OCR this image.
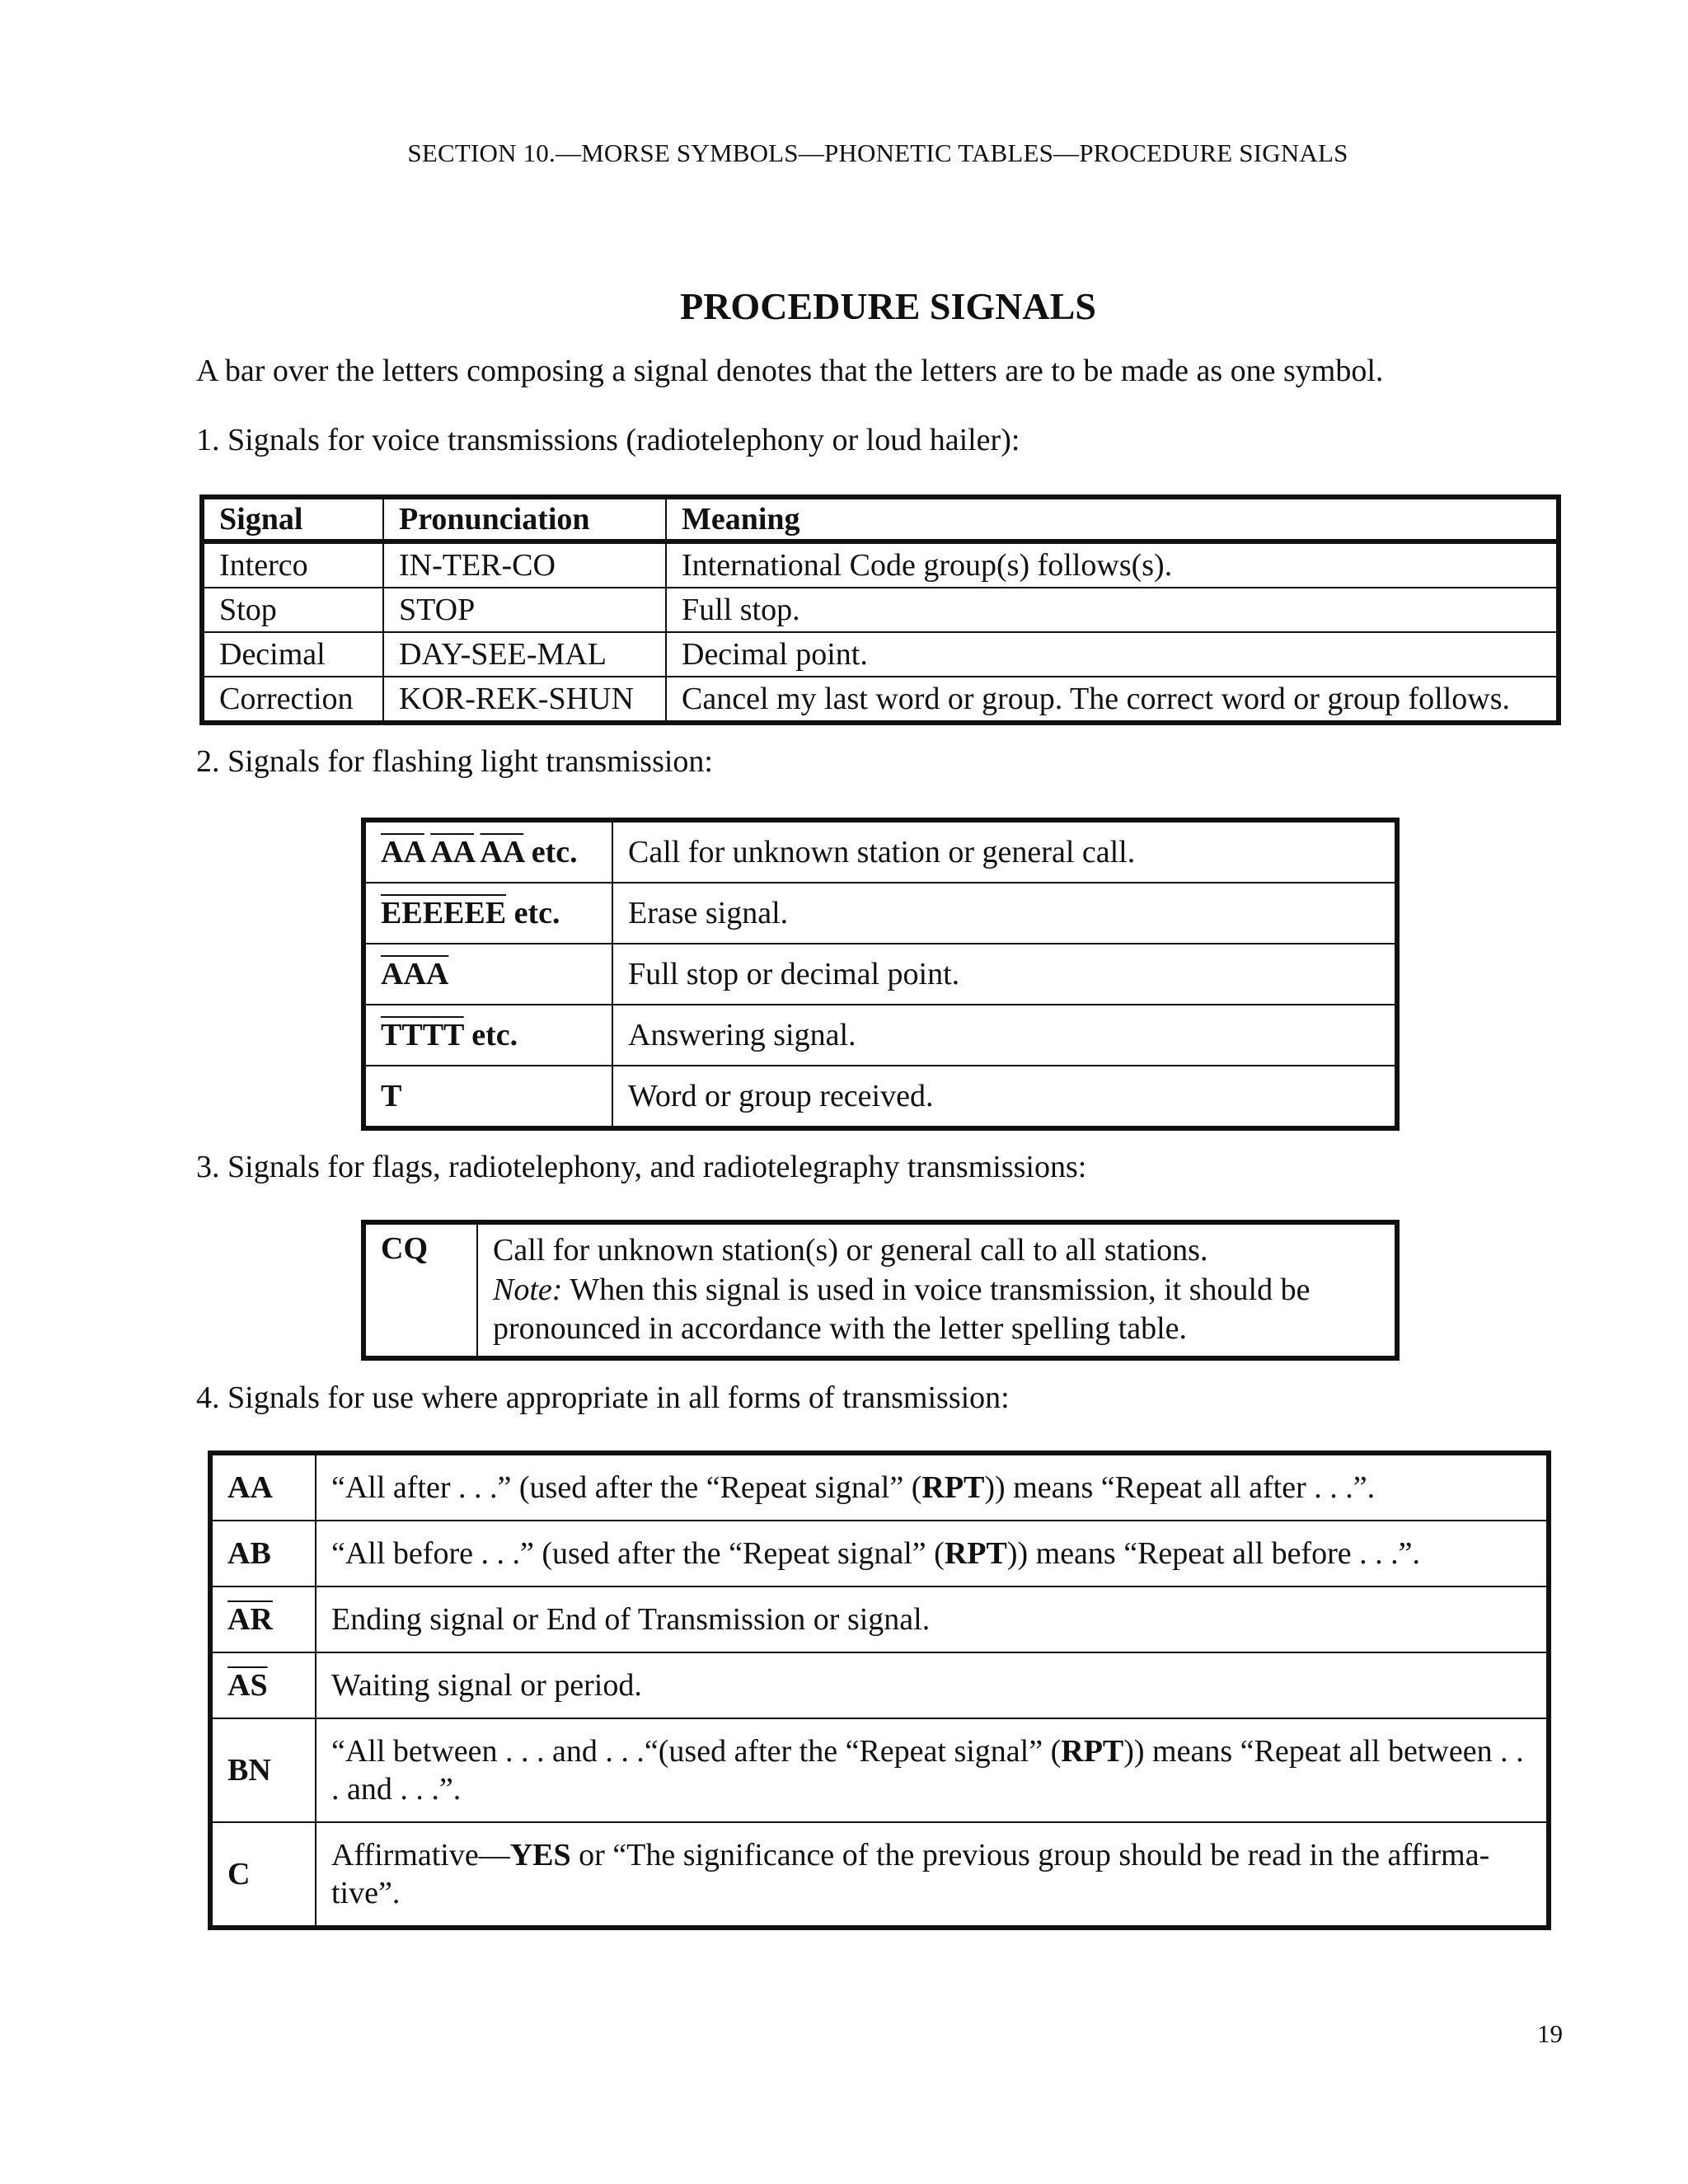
SECTION 10.—MORSE SYMBOLS—PHONETIC TABLES—PROCEDURE SIGNALS
PROCEDURE SIGNALS
A bar over the letters composing a signal denotes that the letters are to be made as one symbol.
1. Signals for voice transmissions (radiotelephony or loud hailer):
Signal	Pronunciation	Meaning
Interco	IN-TER-CO	International Code group(s) follows(s).
Stop	STOP	Full stop.
Decimal	DAY-SEE-MAL	Decimal point.
Correction	KOR-REK-SHUN	Cancel my last word or group. The correct word or group follows.
2. Signals for flashing light transmission:
$\overline{AA}$ $\overline{AA}$ $\overline{AA}$ etc.	Call for unknown station or general call.
EEEEEE etc.	Erase signal.
$\overline{AAA}$	Full stop or decimal point.
TTTT etc.	Answering signal.
T	Word or group received.
3. Signals for flags, radiotelephony, and radiotelegraphy transmissions:
CQ	Call for unknown station(s) or general call to all stations.
Note: When this signal is used in voice transmission, it should be pronounced in accordance with the letter spelling table.
4. Signals for use where appropriate in all forms of transmission:
AA	“All after . . .” (used after the “Repeat signal” (RPT)) means “Repeat all after . . .”.
AB	“All before . . .” (used after the “Repeat signal” (RPT)) means “Repeat all before . . .”.
$\overline{AR}$	Ending signal or End of Transmission or signal.
$\overline{AS}$	Waiting signal or period.
BN	“All between . . . and . . .“(used after the “Repeat signal” (RPT)) means “Repeat all between . . . and . . .”.
C	Affirmative—YES or “The significance of the previous group should be read in the affirma-tive”.
19
